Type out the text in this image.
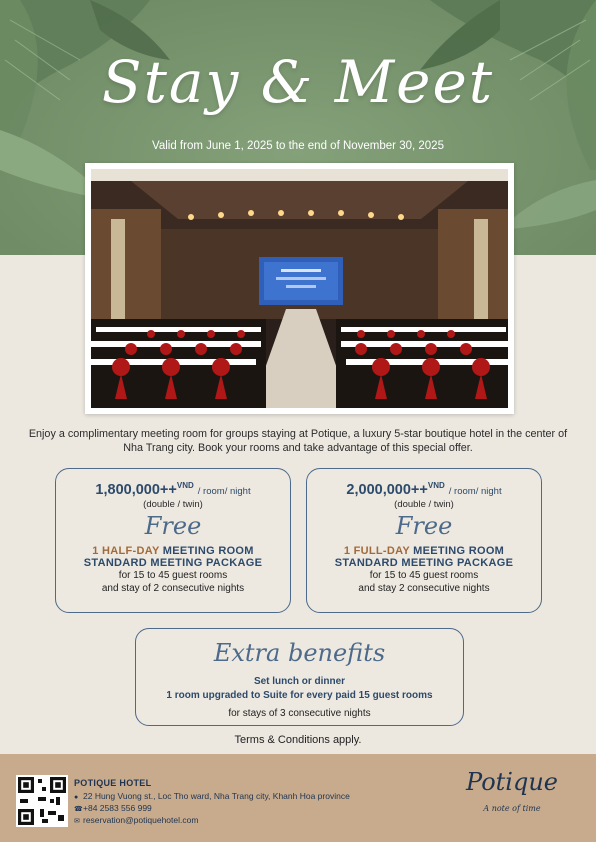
Stay & Meet
Valid from June 1, 2025 to the end of November 30, 2025
Enjoy a complimentary meeting room for groups staying at Potique, a luxury 5-star boutique hotel in the center of Nha Trang city. Book your rooms and take advantage of this special offer.
1,800,000++$^{VND}$ / room/ night
(double / twin)
Free
1 HALF-DAY MEETING ROOM
STANDARD MEETING PACKAGE
for 15 to 45 guest rooms
and stay of 2 consecutive nights
2,000,000++$^{VND}$ / room/ night
(double / twin)
Free
1 FULL-DAY MEETING ROOM
STANDARD MEETING PACKAGE
for 15 to 45 guest rooms
and stay 2 consecutive nights
Extra benefits
Set lunch or dinner
1 room upgraded to Suite for every paid 15 guest rooms
for stays of 3 consecutive nights
Terms & Conditions apply.
POTIQUE HOTEL
● 22 Hung Vuong st., Loc Tho ward, Nha Trang city, Khanh Hoa province
☎+84 2583 556 999
✉ reservation@potiquehotel.com
Potique
A note of time
